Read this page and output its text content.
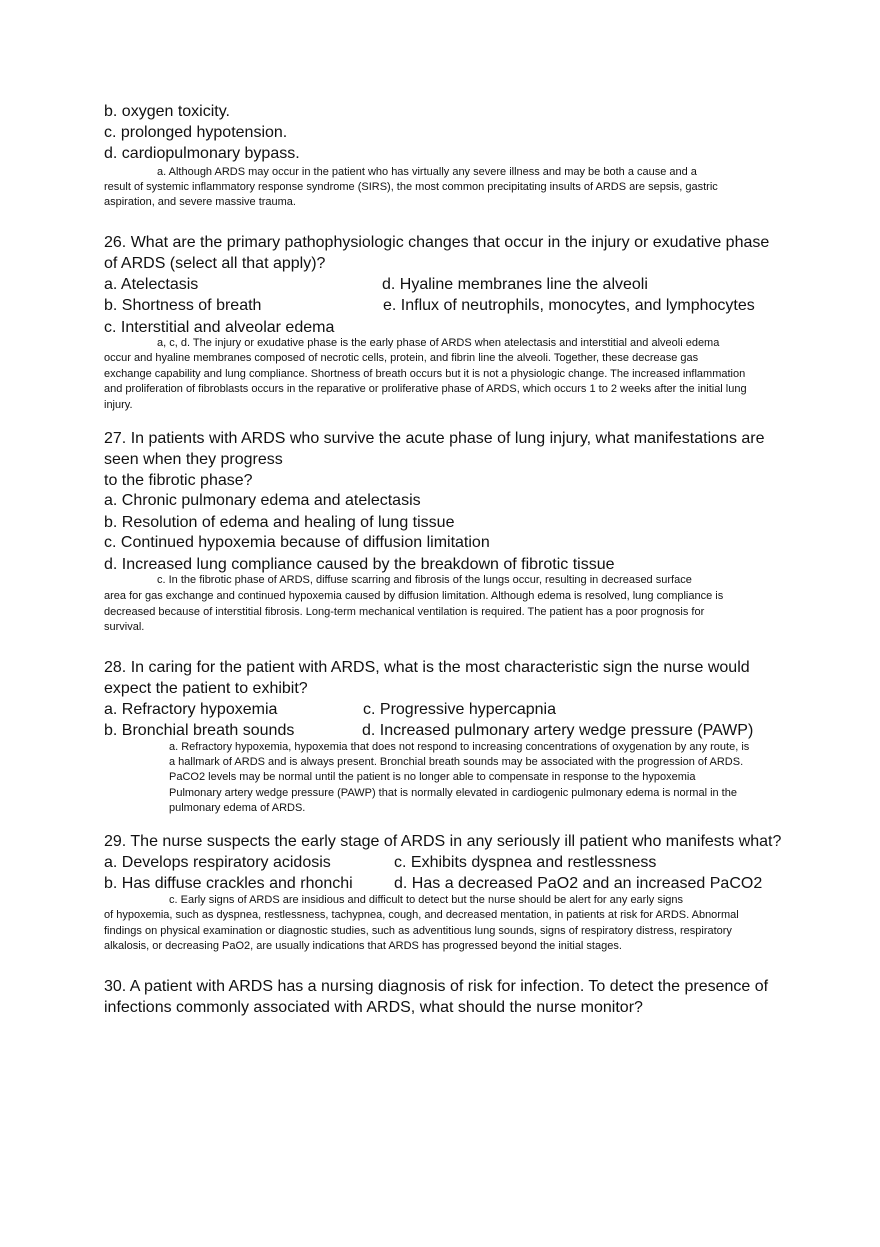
b. oxygen toxicity.
c. prolonged hypotension.
d. cardiopulmonary bypass.
a. Although ARDS may occur in the patient who has virtually any severe illness and may be both a cause and a
result of systemic inflammatory response syndrome (SIRS), the most common precipitating insults of ARDS are sepsis, gastric
aspiration, and severe massive trauma.
26. What are the primary pathophysiologic changes that occur in the injury or exudative phase
of ARDS (select all that apply)?
a. Atelectasis	d. Hyaline membranes line the alveoli
b. Shortness of breath	e. Influx of neutrophils, monocytes, and lymphocytes
c. Interstitial and alveolar edema
a, c, d. The injury or exudative phase is the early phase of ARDS when atelectasis and interstitial and alveoli edema
occur and hyaline membranes composed of necrotic cells, protein, and fibrin line the alveoli. Together, these decrease gas
exchange capability and lung compliance. Shortness of breath occurs but it is not a physiologic change. The increased inflammation
and proliferation of fibroblasts occurs in the reparative or proliferative phase of ARDS, which occurs 1 to 2 weeks after the initial lung
injury.
27. In patients with ARDS who survive the acute phase of lung injury, what manifestations are
seen when they progress
to the fibrotic phase?
a. Chronic pulmonary edema and atelectasis
b. Resolution of edema and healing of lung tissue
c. Continued hypoxemia because of diffusion limitation
d. Increased lung compliance caused by the breakdown of fibrotic tissue
c. In the fibrotic phase of ARDS, diffuse scarring and fibrosis of the lungs occur, resulting in decreased surface
area for gas exchange and continued hypoxemia caused by diffusion limitation. Although edema is resolved, lung compliance is
decreased because of interstitial fibrosis. Long-term mechanical ventilation is required. The patient has a poor prognosis for
survival.
28. In caring for the patient with ARDS, what is the most characteristic sign the nurse would
expect the patient to exhibit?
a. Refractory hypoxemia	c. Progressive hypercapnia
b. Bronchial breath sounds	d. Increased pulmonary artery wedge pressure (PAWP)
a. Refractory hypoxemia, hypoxemia that does not respond to increasing concentrations of oxygenation by any route, is
a hallmark of ARDS and is always present. Bronchial breath sounds may be associated with the progression of ARDS.
PaCO2 levels may be normal until the patient is no longer able to compensate in response to the hypoxemia
Pulmonary artery wedge pressure (PAWP) that is normally elevated in cardiogenic pulmonary edema is normal in the
pulmonary edema of ARDS.
29. The nurse suspects the early stage of ARDS in any seriously ill patient who manifests what?
a. Develops respiratory acidosis	c. Exhibits dyspnea and restlessness
b. Has diffuse crackles and rhonchi	d. Has a decreased PaO2 and an increased PaCO2
c. Early signs of ARDS are insidious and difficult to detect but the nurse should be alert for any early signs
of hypoxemia, such as dyspnea, restlessness, tachypnea, cough, and decreased mentation, in patients at risk for ARDS. Abnormal
findings on physical examination or diagnostic studies, such as adventitious lung sounds, signs of respiratory distress, respiratory
alkalosis, or decreasing PaO2, are usually indications that ARDS has progressed beyond the initial stages.
30. A patient with ARDS has a nursing diagnosis of risk for infection. To detect the presence of
infections commonly associated with ARDS, what should the nurse monitor?
